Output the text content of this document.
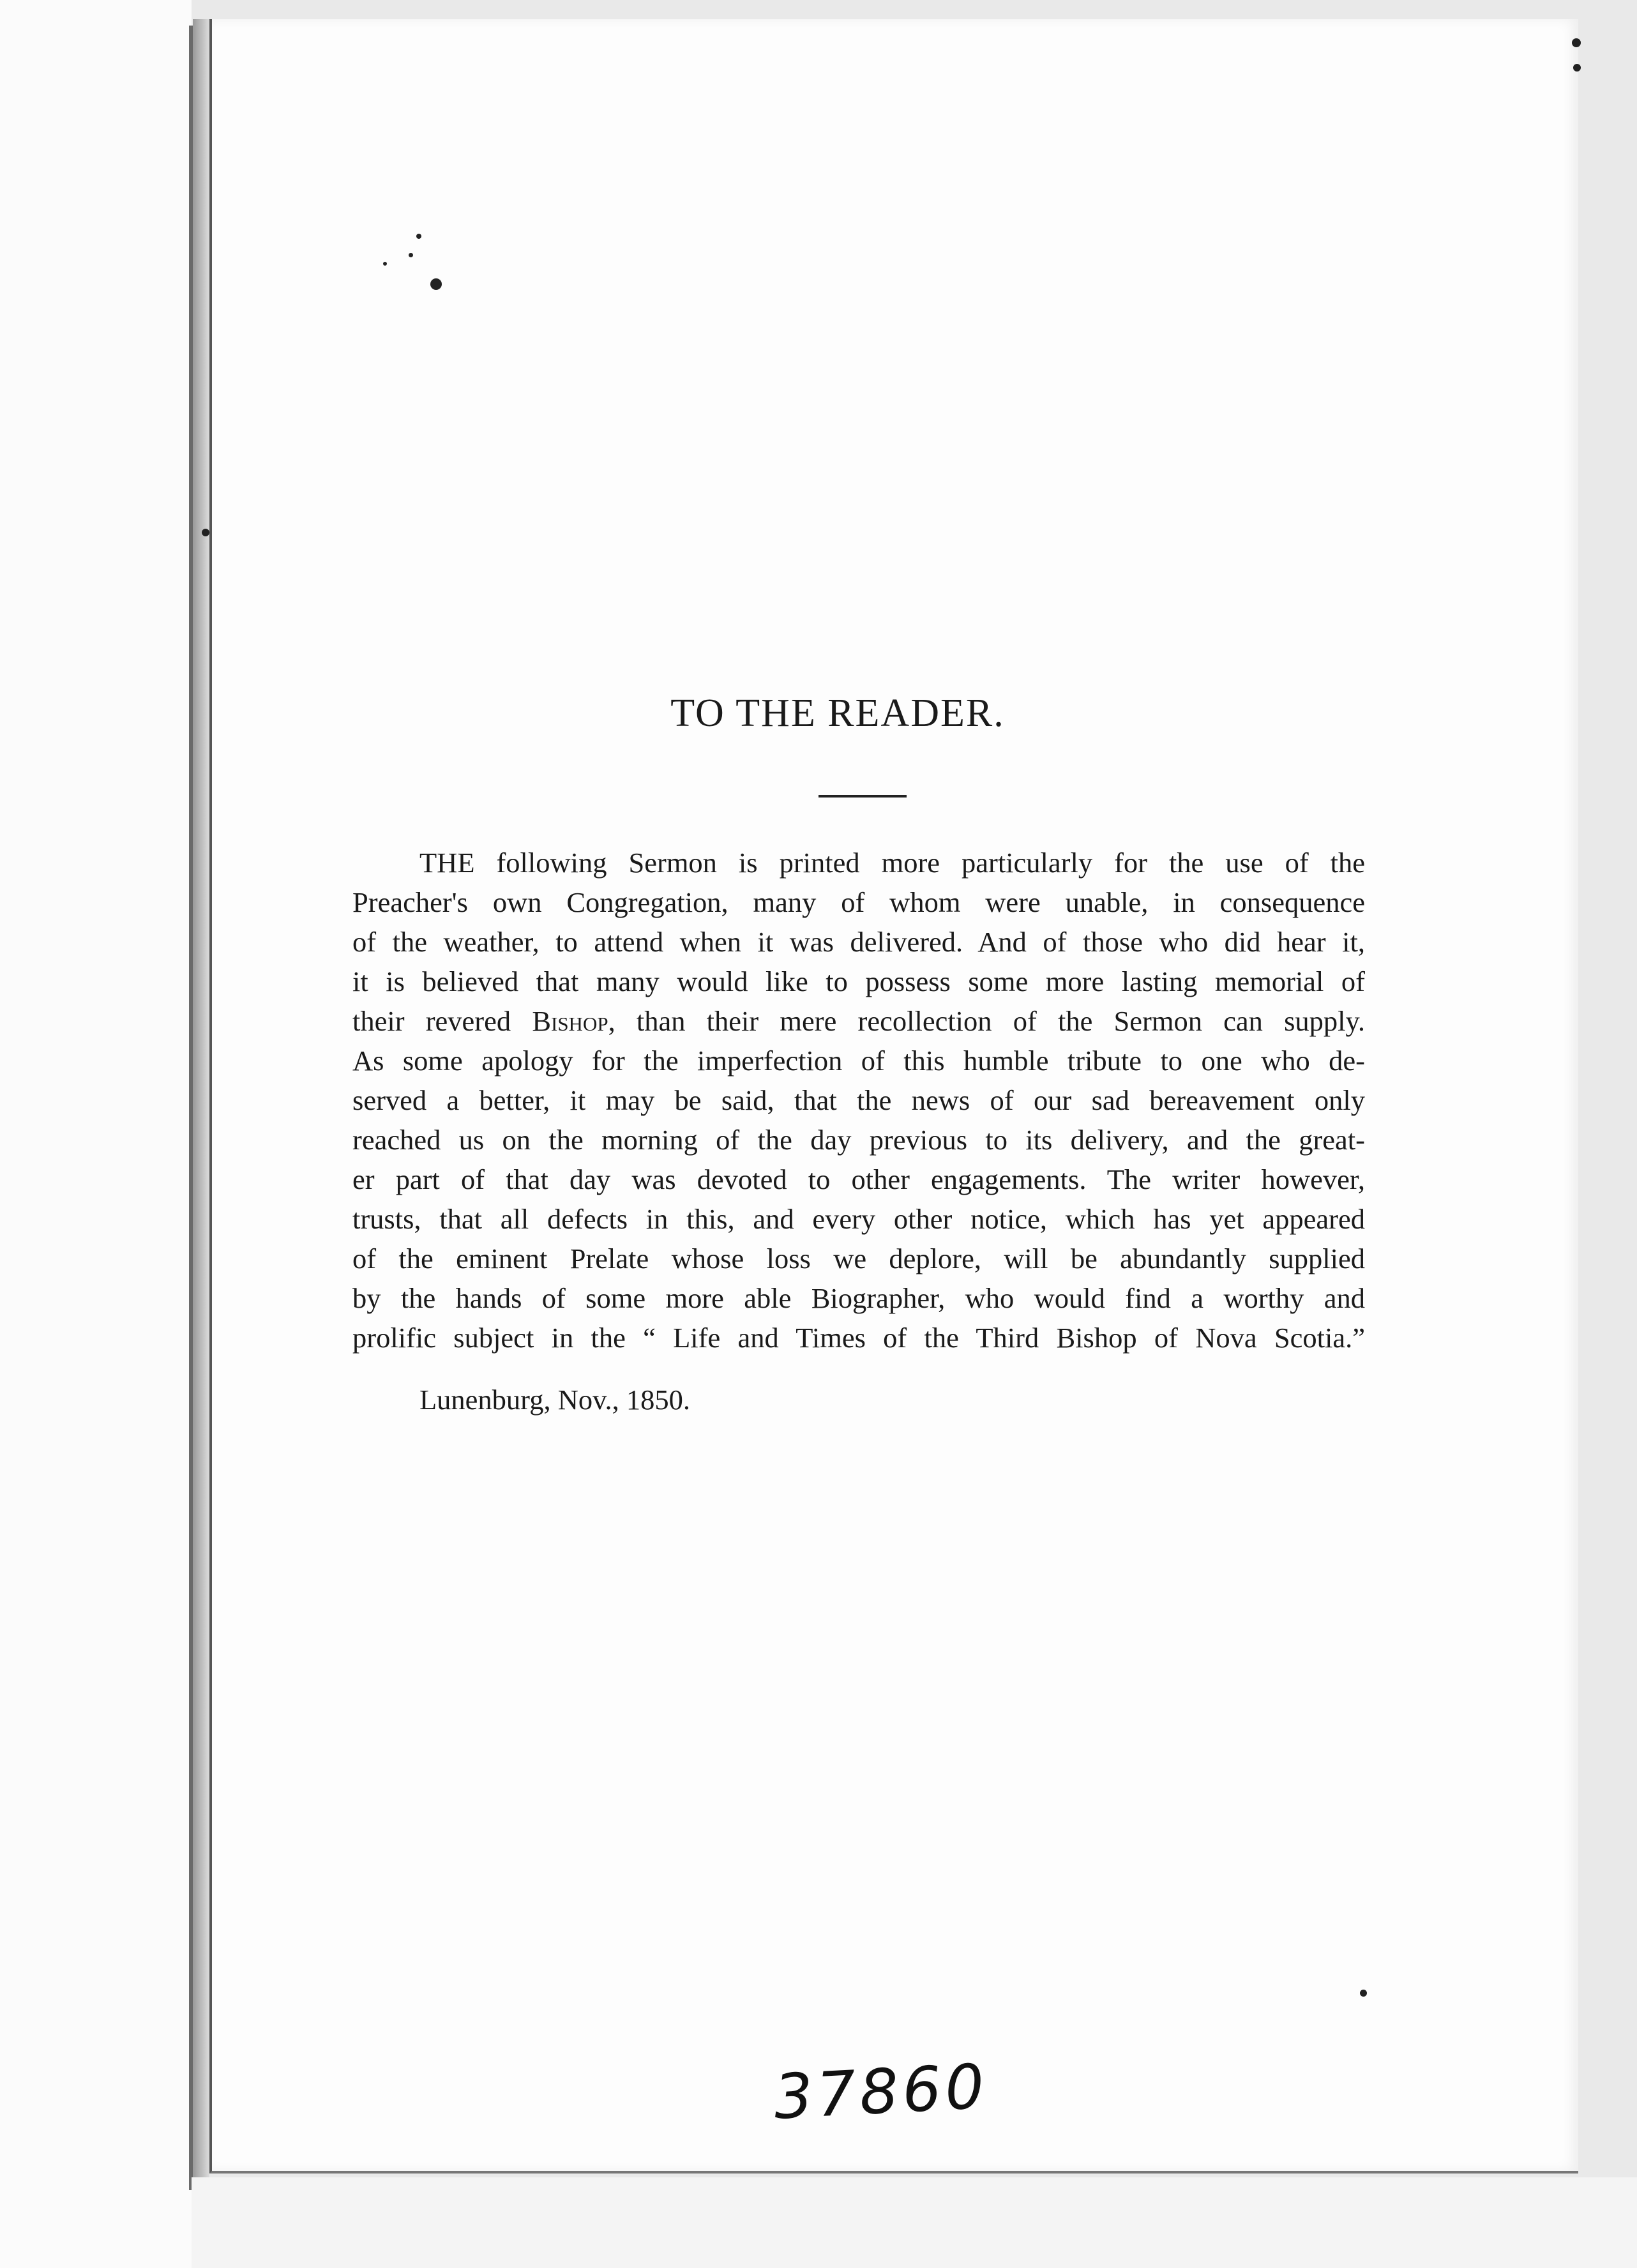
TO THE READER.
THE following Sermon is printed more particularly for the use of the
Preacher's own Congregation, many of whom were unable, in consequence
of the weather, to attend when it was delivered. And of those who did hear it,
it is believed that many would like to possess some more lasting memorial of
their revered Bishop, than their mere recollection of the Sermon can supply.
As some apology for the imperfection of this humble tribute to one who de-
served a better, it may be said, that the news of our sad bereavement only
reached us on the morning of the day previous to its delivery, and the great-
er part of that day was devoted to other engagements. The writer however,
trusts, that all defects in this, and every other notice, which has yet appeared
of the eminent Prelate whose loss we deplore, will be abundantly supplied
by the hands of some more able Biographer, who would find a worthy and
prolific subject in the “ Life and Times of the Third Bishop of Nova Scotia.”

Lunenburg, Nov., 1850.

37860
